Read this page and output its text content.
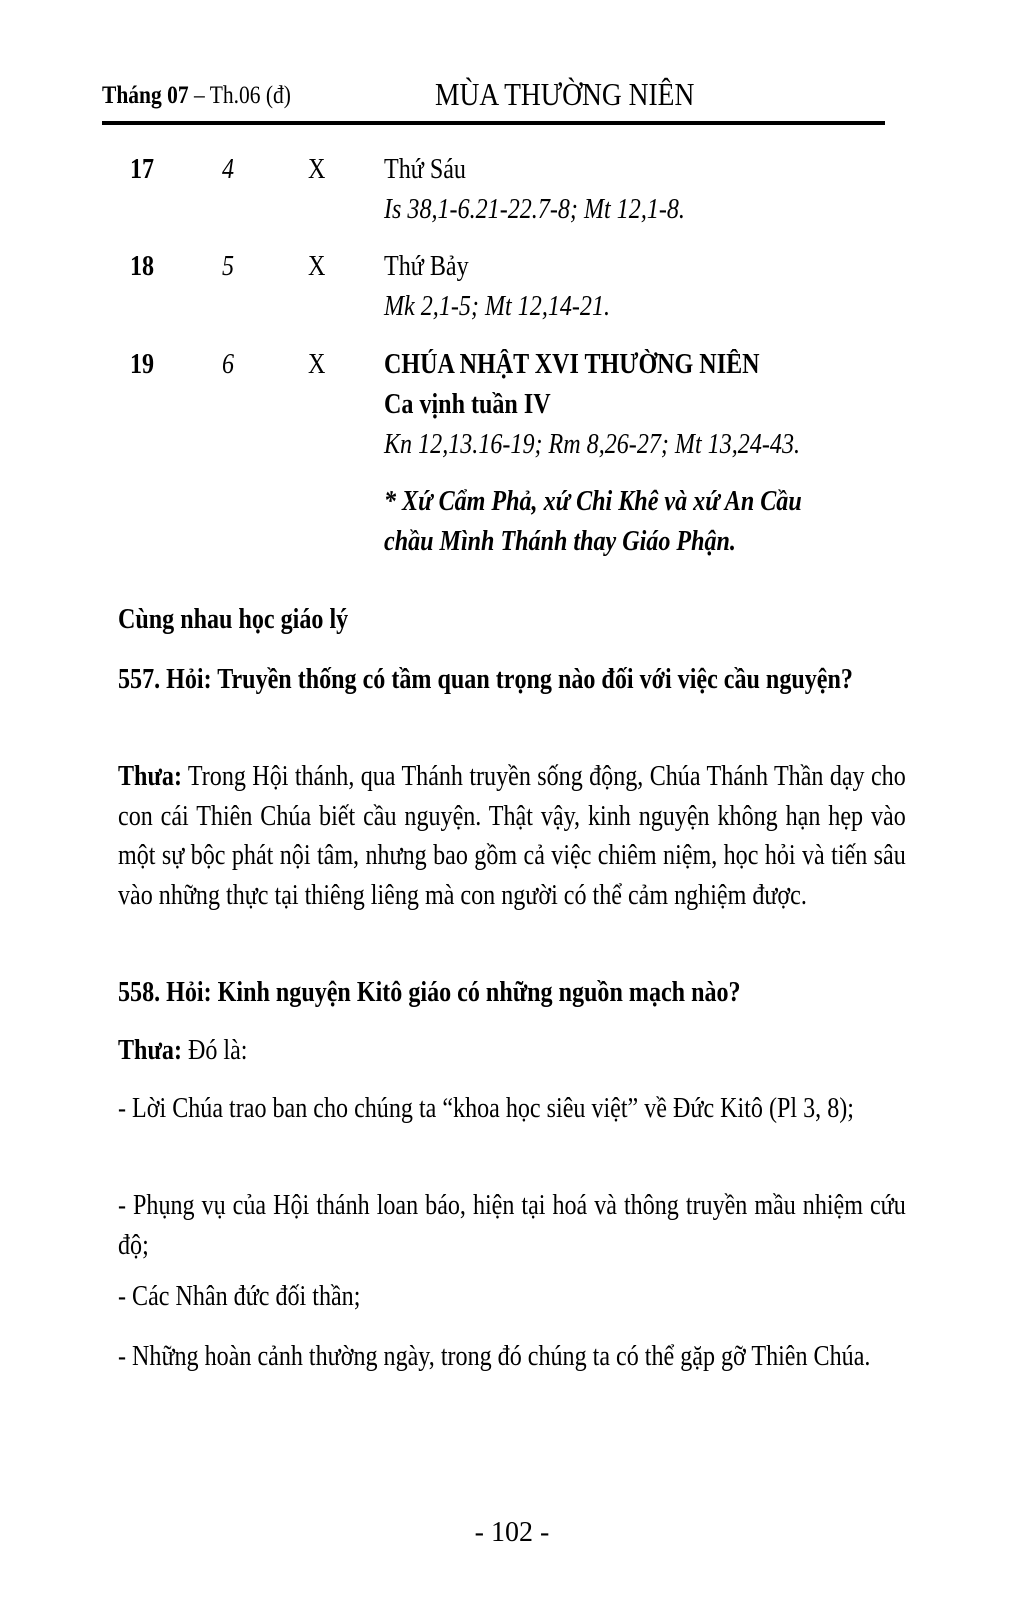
Tháng 07 – Th.06 (đ)	MÙA THƯỜNG NIÊN
17 4	X Thứ Sáu
Is 38,1-6.21-22.7-8; Mt 12,1-8.
18 5	X Thứ Bảy
Mk 2,1-5; Mt 12,14-21.
19 6	X CHÚA NHẬT XVI THƯỜNG NIÊN
Ca vịnh tuần IV
Kn 12,13.16-19; Rm 8,26-27; Mt 13,24-43.
* Xứ Cẩm Phả, xứ Chi Khê và xứ An Cầu
chầu Mình Thánh thay Giáo Phận.
Cùng nhau học giáo lý
557. Hỏi: Truyền thống có tầm quan trọng nào đối với việc cầu nguyện?
Thưa: Trong Hội thánh, qua Thánh truyền sống động, Chúa Thánh Thần dạy cho con cái Thiên Chúa biết cầu nguyện. Thật vậy, kinh nguyện không hạn hẹp vào một sự bộc phát nội tâm, nhưng bao gồm cả việc chiêm niệm, học hỏi và tiến sâu vào những thực tại thiêng liêng mà con người có thể cảm nghiệm được.
558. Hỏi: Kinh nguyện Kitô giáo có những nguồn mạch nào?
Thưa: Đó là:
- Lời Chúa trao ban cho chúng ta “khoa học siêu việt” về Đức Kitô (Pl 3, 8);
- Phụng vụ của Hội thánh loan báo, hiện tại hoá và thông truyền mầu nhiệm cứu độ;
- Các Nhân đức đối thần;
- Những hoàn cảnh thường ngày, trong đó chúng ta có thể gặp gỡ Thiên Chúa.
- 102 -
